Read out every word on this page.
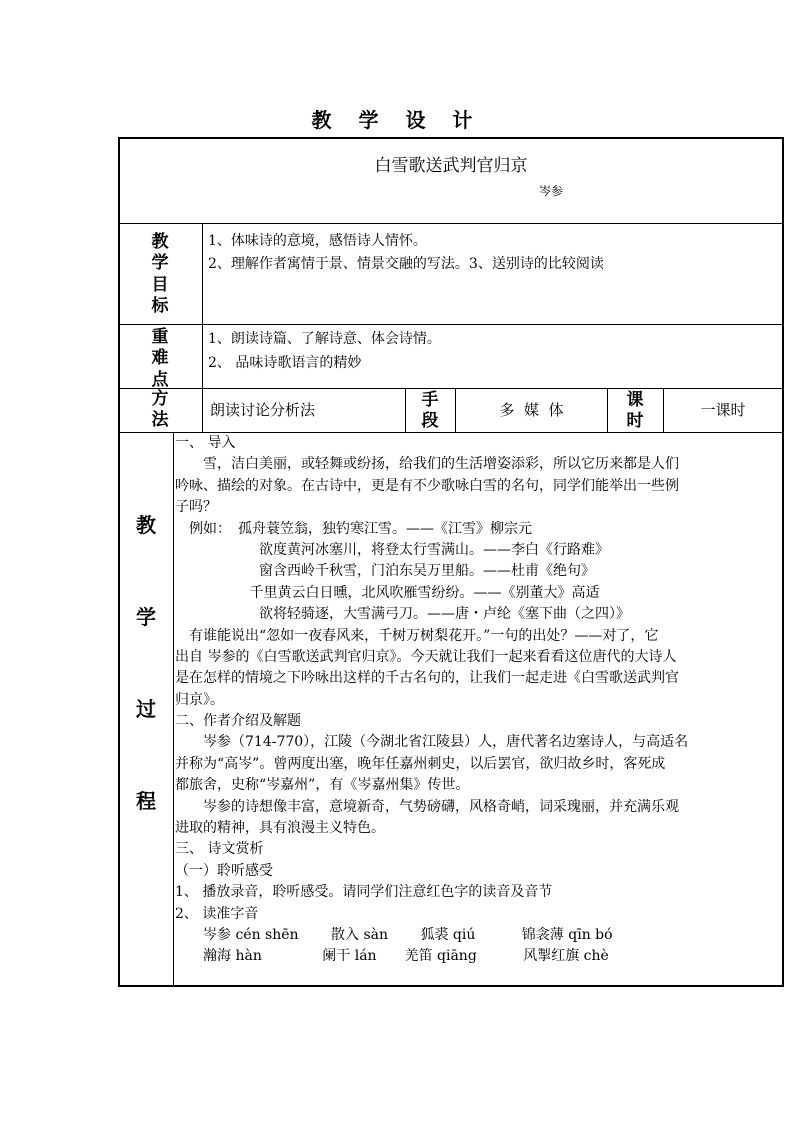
教 学 设 计
白雪歌送武判官归京
岑参
教
学
目
标
1、体味诗的意境，感悟诗人情怀。
2、理解作者寓情于景、情景交融的写法。3、送别诗的比较阅读
重
难
点
1、朗读诗篇、了解诗意、体会诗情。
2、 品味诗歌语言的精妙
方
法
朗读讨论分析法	手
段
多  媒  体	课
时
一课时
教
学
过
程
一、 导入
　　雪，洁白美丽，或轻舞或纷扬，给我们的生活增姿添彩，所以它历来都是人们
吟咏、描绘的对象。在古诗中，更是有不少歌咏白雪的名句，同学们能举出一些例
子吗？
　例如：　孤舟蓑笠翁，独钓寒江雪。——《江雪》柳宗元
　　　　　　欲度黄河冰塞川，将登太行雪满山。——李白《行路难》
　　　　　　窗含西岭千秋雪，门泊东吴万里船。——杜甫《绝句》
　　　　　 千里黄云白日曛，北风吹雁雪纷纷。——《别董大》高适
　　　　　　欲将轻骑逐，大雪满弓刀。——唐・卢纶《塞下曲（之四）》
　有谁能说出“忽如一夜春风来，千树万树梨花开。”一句的出处？——对了，它
出自 岑参的《白雪歌送武判官归京》。今天就让我们一起来看看这位唐代的大诗人
是在怎样的情境之下吟咏出这样的千古名句的，让我们一起走进《白雪歌送武判官
归京》。
二、作者介绍及解题
　　岑参（714-770），江陵（今湖北省江陵县）人，唐代著名边塞诗人，与高适名
并称为“高岑”。曾两度出塞，晚年任嘉州刺史，以后罢官，欲归故乡时，客死成
都旅舍，史称“岑嘉州”，有《岑嘉州集》传世。
　　岑参的诗想像丰富，意境新奇，气势磅礴，风格奇峭，词采瑰丽，并充满乐观
进取的精神，具有浪漫主义特色。
三、 诗文赏析
（一）聆听感受
1、 播放录音，聆听感受。请同学们注意红色字的读音及音节
2、 读准字音
　　岑参 cén shēn　　 散入 sàn　　 狐裘 qiú　　　 锦衾薄 qīn bó
　　瀚海 hàn　　　　 阑干 lán　　羌笛 qiāng　　　 风掣红旗 chè
